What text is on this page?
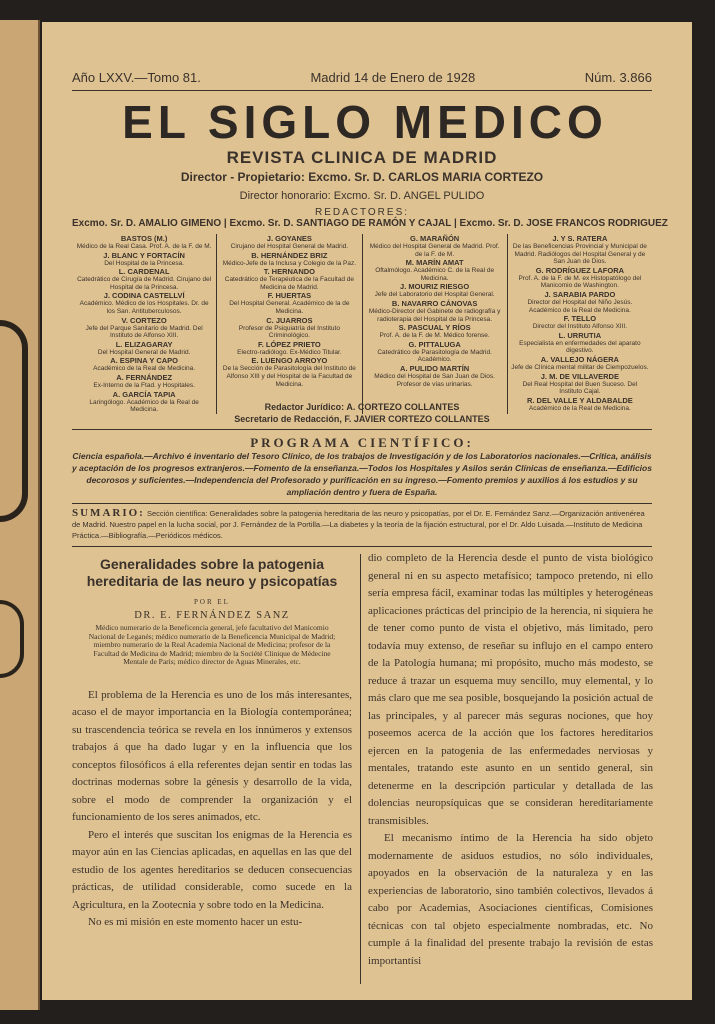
Año LXXV.—Tomo 81.	Madrid 14 de Enero de 1928	Núm. 3.866
EL SIGLO MEDICO
REVISTA CLINICA DE MADRID
Director - Propietario: Excmo. Sr. D. CARLOS MARIA CORTEZO
Director honorario: Excmo. Sr. D. ANGEL PULIDO
REDACTORES:
Excmo. Sr. D. AMALIO GIMENO | Excmo. Sr. D. SANTIAGO DE RAMÓN Y CAJAL | Excmo. Sr. D. JOSE FRANCOS RODRIGUEZ
BASTOS (M.)
Médico de la Real Casa. Prof. A. de la F. de M.
J. BLANC Y FORTACÍN
Del Hospital de la Princesa.
L. CARDENAL
Catedrático de Cirugía de Madrid. Cirujano del Hospital de la Princesa.
J. CODINA CASTELLVÍ
Académico. Médico de los Hospitales. Dr. de los San. Antituberculosos.
V. CORTEZO
Jefe del Parque Sanitario de Madrid. Del Instituto de Alfonso XIII.
L. ELIZAGARAY
Del Hospital General de Madrid.
A. ESPINA Y CAPO
Académico de la Real de Medicina.
A. FERNÁNDEZ
Ex-Interno de la Ftad. y Hospitales.
A. GARCÍA TAPIA
Laringólogo. Académico de la Real de Medicina.
J. GOYANES
Cirujano del Hospital General de Madrid.
B. HERNÁNDEZ BRIZ
Médico-Jefe de la Inclusa y Colegio de la Paz.
T. HERNANDO
Catedrático de Terapéutica de la Facultad de Medicina de Madrid.
F. HUERTAS
Del Hospital General. Académico de la de Medicina.
C. JUARROS
Profesor de Psiquiatría del Instituto Criminológico.
F. LÓPEZ PRIETO
Electro-radiólogo. Ex-Médico Titular.
E. LUENGO ARROYO
De la Sección de Parasitología del Instituto de Alfonso XIII y del Hospital de la Facultad de Medicina.
G. MARAÑÓN
Médico del Hospital General de Madrid. Prof. de la F. de M.
M. MARÍN AMAT
Oftalmólogo. Académico C. de la Real de Medicina.
J. MOURIZ RIESGO
Jefe del Laboratorio del Hospital General.
B. NAVARRO CÁNOVAS
Médico-Director del Gabinete de radiografía y radioterapia del Hospital de la Princesa.
S. PASCUAL Y RÍOS
Prof. A. de la F. de M. Médico forense.
G. PITTALUGA
Catedrático de Parasitología de Madrid. Académico.
A. PULIDO MARTÍN
Médico del Hospital de San Juan de Dios. Profesor de vías urinarias.
J. Y S. RATERA
De las Beneficencias Provincial y Municipal de Madrid. Radiólogos del Hospital General y de San Juan de Dios.
G. RODRÍGUEZ LAFORA
Prof. A. de la F. de M. ex Histopatólogo del Manicomio de Washington.
J. SARABIA PARDO
Director del Hospital del Niño Jesús. Académico de la Real de Medicina.
F. TELLO
Director del Instituto Alfonso XIII.
L. URRUTIA
Especialista en enfermedades del aparato digestivo.
A. VALLEJO NÁGERA
Jefe de Clínica mental militar de Ciempozuelos.
J. M. DE VILLAVERDE
Del Real Hospital del Buen Suceso. Del Instituto Cajal.
R. DEL VALLE Y ALDABALDE
Académico de la Real de Medicina.
Redactor Jurídico: A. CORTEZO COLLANTES
Secretario de Redacción, F. JAVIER CORTEZO COLLANTES
PROGRAMA CIENTÍFICO:
Ciencia española.—Archivo é inventario del Tesoro Clínico, de los trabajos de Investigación y de los Laboratorios nacionales.—Crítica, análisis y aceptación de los progresos extranjeros.—Fomento de la enseñanza.—Todos los Hospitales y Asilos serán Clínicas de enseñanza.—Edificios decorosos y suficientes.—Independencia del Profesorado y purificación en su ingreso.—Fomento premios y auxilios á los estudios y su ampliación dentro y fuera de España.
SUMARIO: Sección científica: Generalidades sobre la patogenia hereditaria de las neuro y psicopatías, por el Dr. E. Fernández Sanz.—Organización antivenérea de Madrid. Nuestro papel en la lucha social, por J. Fernández de la Portilla.—La diabetes y la teoría de la fijación estructural, por el Dr. Aldo Luisada.—Instituto de Medicina Práctica.—Bibliografía.—Periódicos médicos.
Generalidades sobre la patogenia hereditaria de las neuro y psicopatías
POR EL
DR. E. FERNÁNDEZ SANZ
Médico numerario de la Beneficencia general, jefe facultativo del Manicomio Nacional de Leganés; médico numerario de la Beneficencia Municipal de Madrid; miembro numerario de la Real Academia Nacional de Medicina; profesor de la Facultad de Medicina de Madrid; miembro de la Société Clinique de Médecine Mentale de Paris; médico director de Aguas Minerales, etc.

El problema de la Herencia es uno de los más interesantes, acaso el de mayor importancia en la Biología contemporánea; su trascendencia teórica se revela en los innúmeros y extensos trabajos á que ha dado lugar y en la influencia que los conceptos filosóficos á ella referentes dejan sentir en todas las doctrinas modernas sobre la génesis y desarrollo de la vida, sobre el modo de comprender la organización y el funcionamiento de los seres animados, etc.

Pero el interés que suscitan los enigmas de la Herencia es mayor aún en las Ciencias aplicadas, en aquellas en las que del estudio de los agentes hereditarios se deducen consecuencias prácticas, de utilidad considerable, como sucede en la Agricultura, en la Zootecnia y sobre todo en la Medicina.

No es mi misión en este momento hacer un estu-

dio completo de la Herencia desde el punto de vista biológico general ni en su aspecto metafísico; tampoco pretendo, ni ello sería empresa fácil, examinar todas las múltiples y heterogéneas aplicaciones prácticas del principio de la herencia, ni siquiera he de tener como punto de vista el objetivo, más limitado, pero todavía muy extenso, de reseñar su influjo en el campo entero de la Patología humana; mi propósito, mucho más modesto, se reduce á trazar un esquema muy sencillo, muy elemental, y lo más claro que me sea posible, bosquejando la posición actual de las principales, y al parecer más seguras nociones, que hoy poseemos acerca de la acción que los factores hereditarios ejercen en la patogenia de las enfermedades nerviosas y mentales, tratando este asunto en un sentido general, sin detenerme en la descripción particular y detallada de las dolencias neuropsíquicas que se consideran hereditariamente transmisibles.

El mecanismo íntimo de la Herencia ha sido objeto modernamente de asiduos estudios, no sólo individuales, apoyados en la observación de la naturaleza y en las experiencias de laboratorio, sino también colectivos, llevados á cabo por Academias, Asociaciones científicas, Comisiones técnicas con tal objeto especialmente nombradas, etc. No cumple á la finalidad del presente trabajo la revisión de estas importantísi
